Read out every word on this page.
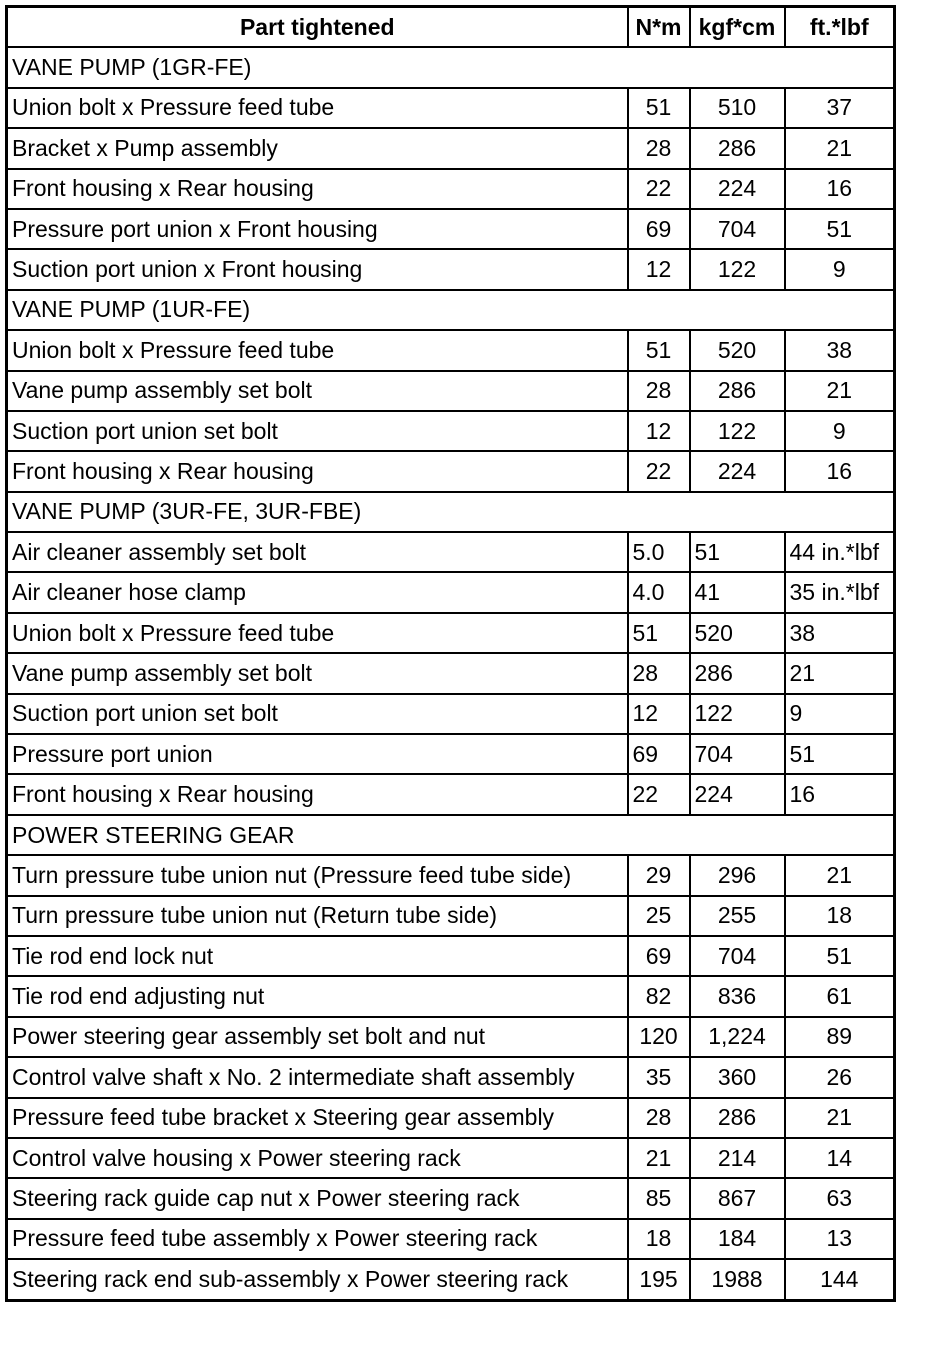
Part tightened	N*m	kgf*cm	ft.*lbf
VANE PUMP (1GR-FE)			
Union bolt x Pressure feed tube	51	510	37
Bracket x Pump assembly	28	286	21
Front housing x Rear housing	22	224	16
Pressure port union x Front housing	69	704	51
Suction port union x Front housing	12	122	9
VANE PUMP (1UR-FE)			
Union bolt x Pressure feed tube	51	520	38
Vane pump assembly set bolt	28	286	21
Suction port union set bolt	12	122	9
Front housing x Rear housing	22	224	16
VANE PUMP (3UR-FE, 3UR-FBE)			
Air cleaner assembly set bolt	5.0	51	44 in.*lbf
Air cleaner hose clamp	4.0	41	35 in.*lbf
Union bolt x Pressure feed tube	51	520	38
Vane pump assembly set bolt	28	286	21
Suction port union set bolt	12	122	9
Pressure port union	69	704	51
Front housing x Rear housing	22	224	16
POWER STEERING GEAR			
Turn pressure tube union nut (Pressure feed tube side)	29	296	21
Turn pressure tube union nut (Return tube side)	25	255	18
Tie rod end lock nut	69	704	51
Tie rod end adjusting nut	82	836	61
Power steering gear assembly set bolt and nut	120	1,224	89
Control valve shaft x No. 2 intermediate shaft assembly	35	360	26
Pressure feed tube bracket x Steering gear assembly	28	286	21
Control valve housing x Power steering rack	21	214	14
Steering rack guide cap nut x Power steering rack	85	867	63
Pressure feed tube assembly x Power steering rack	18	184	13
Steering rack end sub-assembly x Power steering rack	195	1988	144
